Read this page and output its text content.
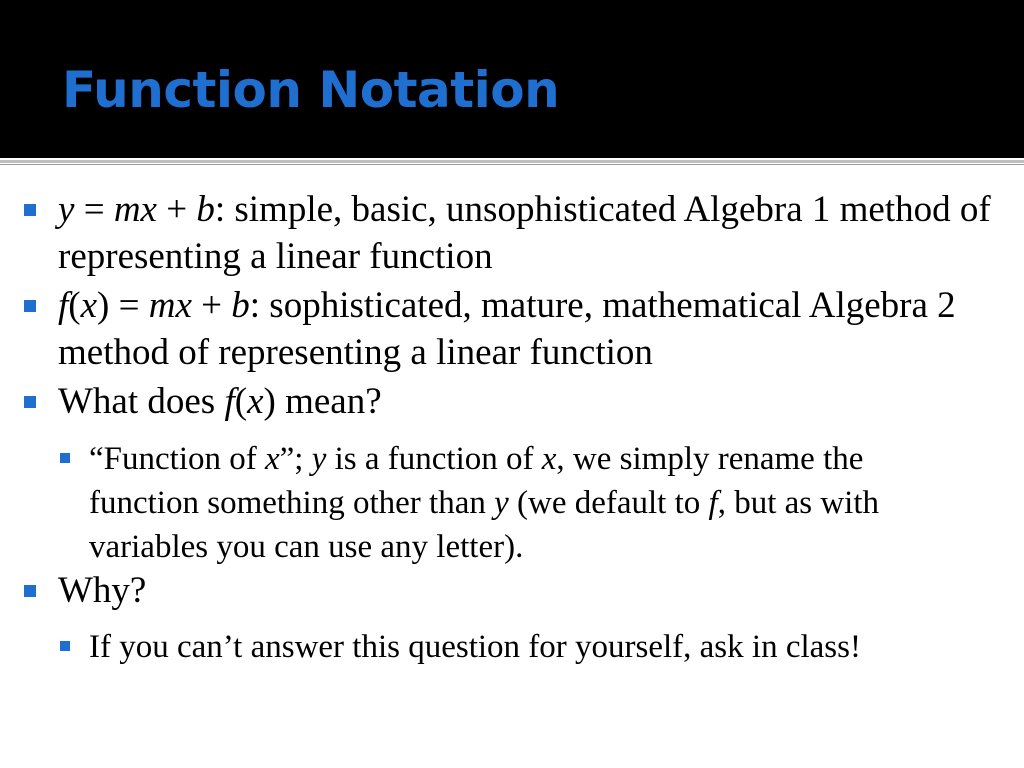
Function Notation
y = mx + b: simple, basic, unsophisticated Algebra 1 method of representing a linear function
f(x) = mx + b: sophisticated, mature, mathematical Algebra 2 method of representing a linear function
What does f(x) mean?
“Function of x”; y is a function of x, we simply rename the function something other than y (we default to f, but as with variables you can use any letter).
Why?
If you can’t answer this question for yourself, ask in class!
